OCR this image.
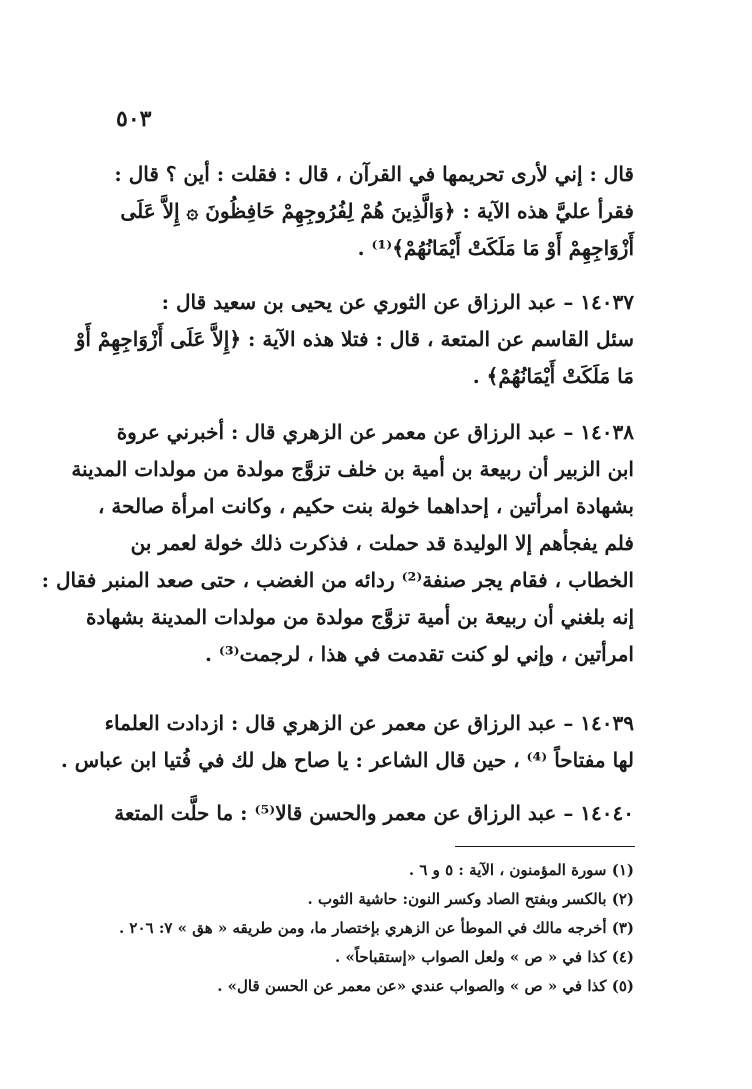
٥٠٣
قال : إني لأرى تحريمها في القرآن ، قال : فقلت : أين ؟ قال :
فقرأ عليَّ هذه الآية : ﴿وَالَّذِينَ هُمْ لِفُرُوجِهِمْ حَافِظُونَ ۞ إِلاَّ عَلَى
أَزْوَاجِهِمْ أَوْ مَا مَلَكَتْ أَيْمَانُهُمْ﴾⁽¹⁾ .
١٤٠٣٧ – عبد الرزاق عن الثوري عن يحيى بن سعيد قال :
سئل القاسم عن المتعة ، قال : فتلا هذه الآية : ﴿إِلاَّ عَلَى أَزْوَاجِهِمْ أَوْ
مَا مَلَكَتْ أَيْمَانُهُمْ﴾ .
١٤٠٣٨ – عبد الرزاق عن معمر عن الزهري قال : أخبرني عروة
ابن الزبير أن ربيعة بن أمية بن خلف تزوَّج مولدة من مولدات المدينة
بشهادة امرأتين ، إحداهما خولة بنت حكيم ، وكانت امرأة صالحة ،
فلم يفجأهم إلا الوليدة قد حملت ، فذكرت ذلك خولة لعمر بن
الخطاب ، فقام يجر صنفة⁽²⁾ ردائه من الغضب ، حتى صعد المنبر فقال :
إنه بلغني أن ربيعة بن أمية تزوَّج مولدة من مولدات المدينة بشهادة
امرأتين ، وإني لو كنت تقدمت في هذا ، لرجمت⁽³⁾ .
١٤٠٣٩ – عبد الرزاق عن معمر عن الزهري قال : ازدادت العلماء
لها مفتاحاً ⁽⁴⁾ ، حين قال الشاعر : يا صاح هل لك في فُتيا ابن عباس .
١٤٠٤٠ – عبد الرزاق عن معمر والحسن قالا⁽⁵⁾ : ما حلَّت المتعة
(١) سورة المؤمنون ، الآية : ٥ و ٦ .
(٢) بالكسر وبفتح الصاد وكسر النون: حاشية الثوب .
(٣) أخرجه مالك في الموطأ عن الزهري بإختصار ما، ومن طريقه « هق » ٧: ٢٠٦ .
(٤) كذا في « ص » ولعل الصواب «إستقباحاً» .
(٥) كذا في « ص » والصواب عندي «عن معمر عن الحسن قال» .
